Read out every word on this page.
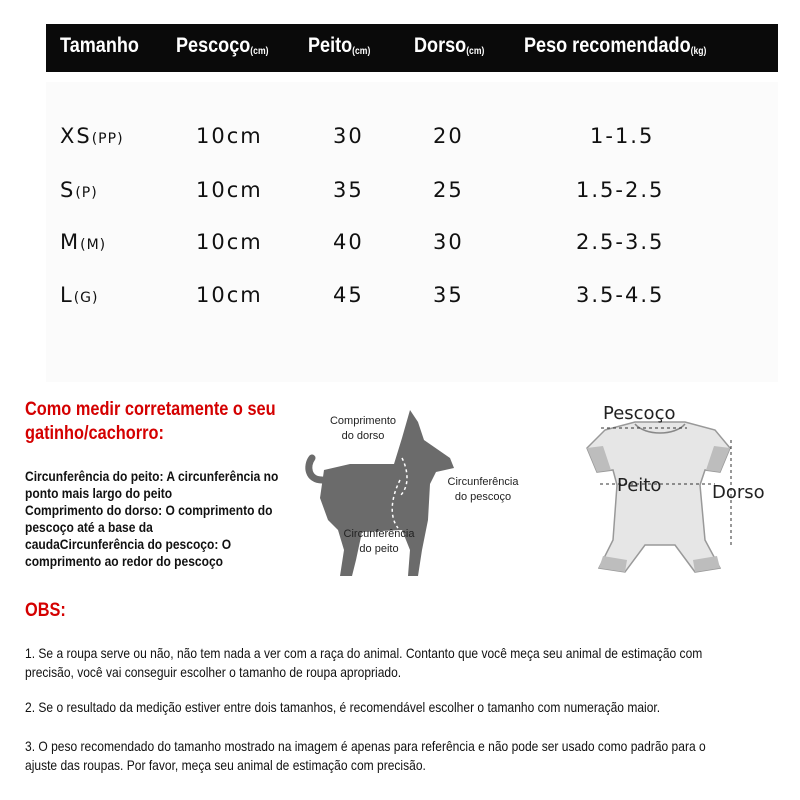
Tamanho Pescoço$_{(cm)}$ Peito$_{(cm)}$ Dorso$_{(cm)}$ Peso recomendado$_{(kg)}$
XS(PP)	10cm	30	20	1-1.5
S(P)	10cm	35	25	1.5-2.5
M(M)	10cm	40	30	2.5-3.5
L(G)	10cm	45	35	3.5-4.5
Como medir corretamente o seu
gatinho/cachorro:
Circunferência do peito: A circunferência no
ponto mais largo do peito
Comprimento do dorso: O comprimento do
pescoço até a base da
caudaCircunferência do pescoço: O
comprimento ao redor do pescoço
Comprimento
do dorso
Circunferência
do pescoço
Circunferência
do peito
Pescoço
Peito	Dorso
OBS:
1. Se a roupa serve ou não, não tem nada a ver com a raça do animal. Contanto que você meça seu animal de estimação com
precisão, você vai conseguir escolher o tamanho de roupa apropriado.
2. Se o resultado da medição estiver entre dois tamanhos, é recomendável escolher o tamanho com numeração maior.
3. O peso recomendado do tamanho mostrado na imagem é apenas para referência e não pode ser usado como padrão para o
ajuste das roupas. Por favor, meça seu animal de estimação com precisão.
